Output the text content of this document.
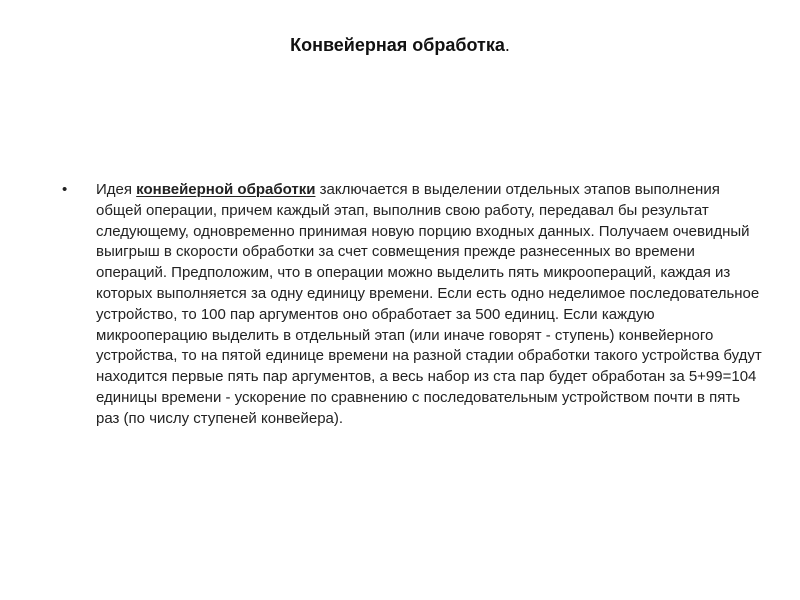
Конвейерная обработка.
• Идея конвейерной обработки заключается в выделении отдельных этапов выполнения общей операции, причем каждый этап, выполнив свою работу, передавал бы результат следующему, одновременно принимая новую порцию входных данных. Получаем очевидный выигрыш в скорости обработки за счет совмещения прежде разнесенных во времени операций. Предположим, что в операции можно выделить пять микроопераций, каждая из которых выполняется за одну единицу времени. Если есть одно неделимое последовательное устройство, то 100 пар аргументов оно обработает за 500 единиц. Если каждую микрооперацию выделить в отдельный этап (или иначе говорят - ступень) конвейерного устройства, то на пятой единице времени на разной стадии обработки такого устройства будут находится первые пять пар аргументов, а весь набор из ста пар будет обработан за 5+99=104 единицы времени - ускорение по сравнению с последовательным устройством почти в пять раз (по числу ступеней конвейера).
